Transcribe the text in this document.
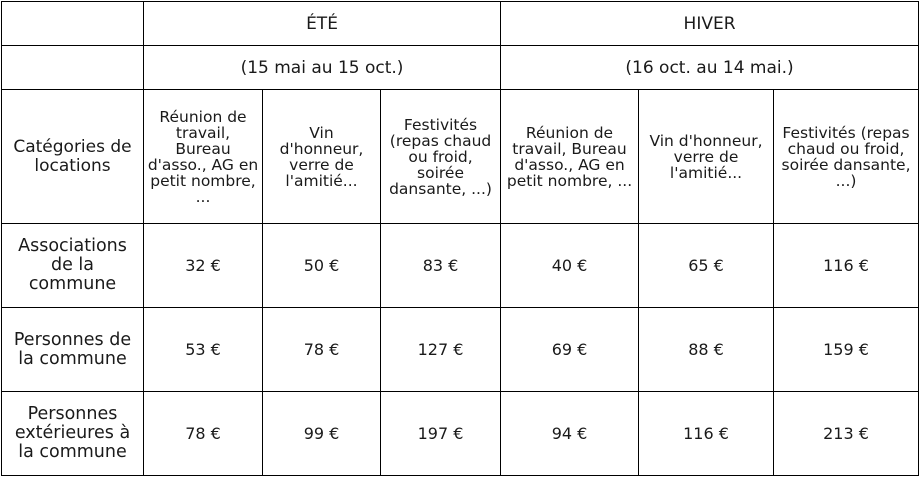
	ÉTÉ			HIVER		
	(15 mai au 15 oct.)			(16 oct. au 14 mai.)		
Catégories de locations	Réunion de travail, Bureau d'asso., AG en petit nombre, ...	Vin d'honneur, verre de l'amitié...	Festivités (repas chaud ou froid, soirée dansante, ...)	Réunion de travail, Bureau d'asso., AG en petit nombre, ...	Vin d'honneur, verre de l'amitié...	Festivités (repas chaud ou froid, soirée dansante, ...)
Associations de la commune	32 €	50 €	83 €	40 €	65 €	116 €
Personnes de la commune	53 €	78 €	127 €	69 €	88 €	159 €
Personnes extérieures à la commune	78 €	99 €	197 €	94 €	116 €	213 €
